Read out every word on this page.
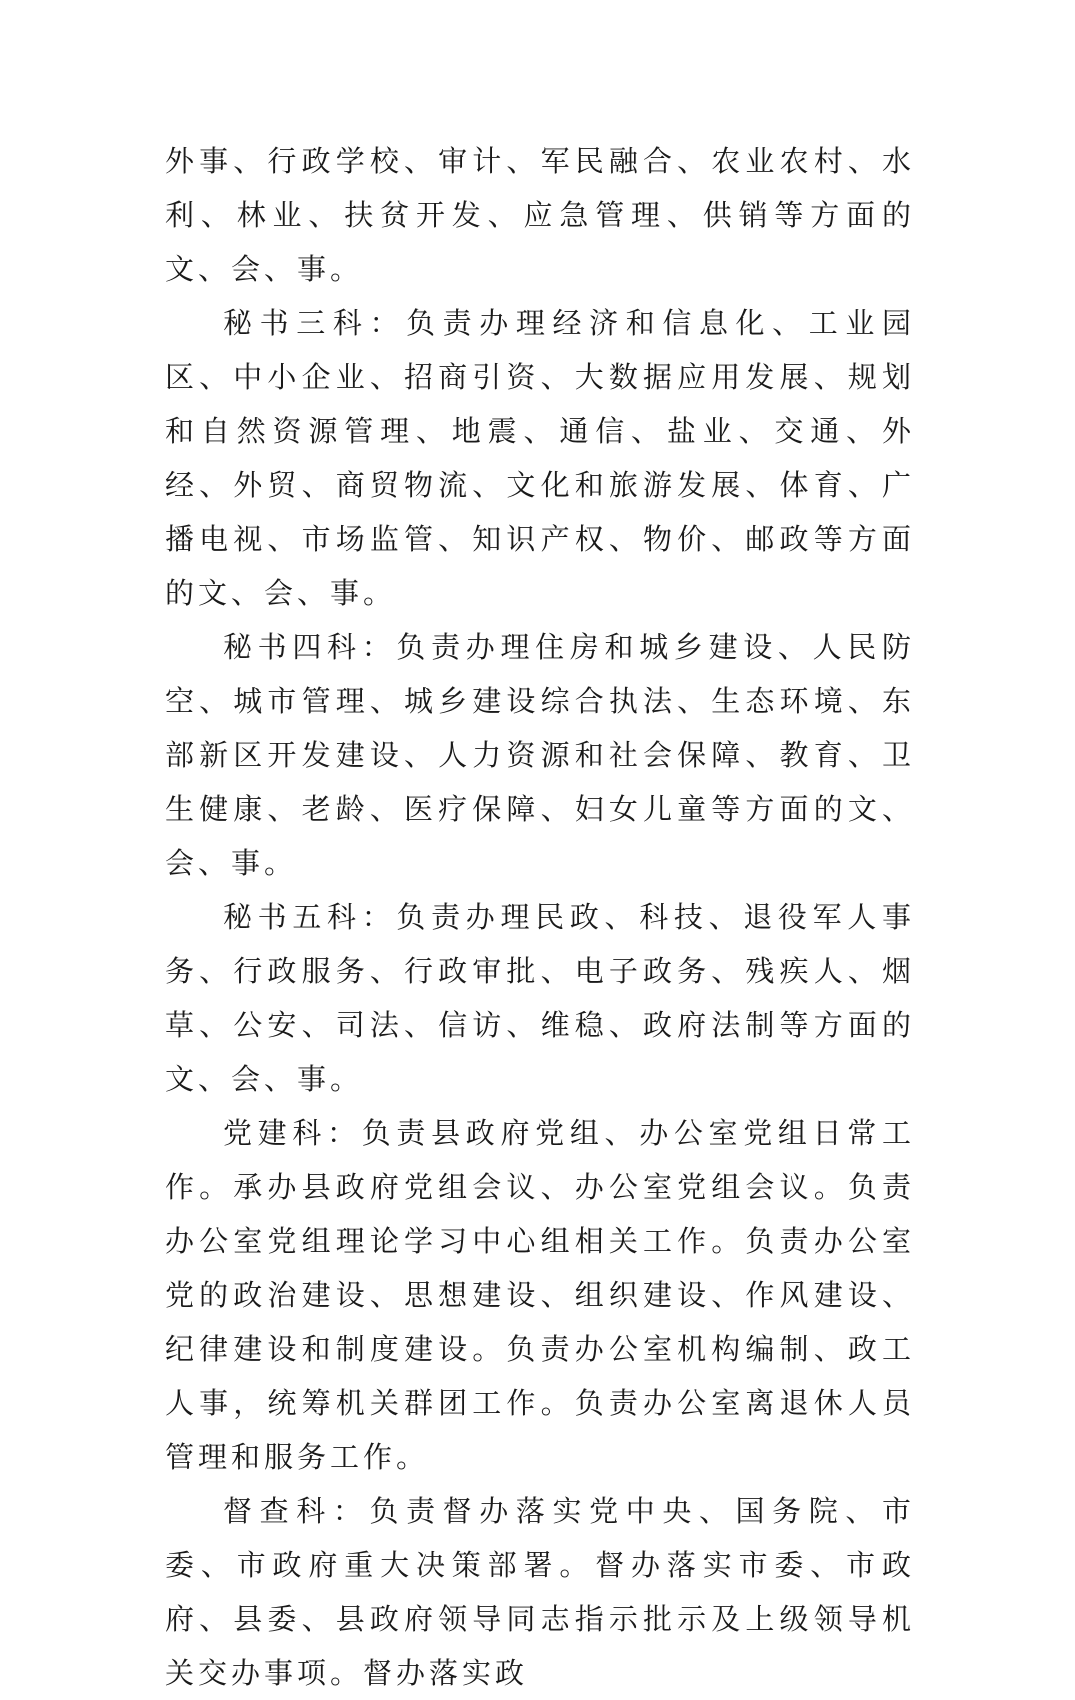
外事、行政学校、审计、军民融合、农业农村、水利、林业、扶贫开发、应急管理、供销等方面的文、会、事。

秘书三科：负责办理经济和信息化、工业园区、中小企业、招商引资、大数据应用发展、规划和自然资源管理、地震、通信、盐业、交通、外经、外贸、商贸物流、文化和旅游发展、体育、广播电视、市场监管、知识产权、物价、邮政等方面的文、会、事。

秘书四科：负责办理住房和城乡建设、人民防空、城市管理、城乡建设综合执法、生态环境、东部新区开发建设、人力资源和社会保障、教育、卫生健康、老龄、医疗保障、妇女儿童等方面的文、会、事。

秘书五科：负责办理民政、科技、退役军人事务、行政服务、行政审批、电子政务、残疾人、烟草、公安、司法、信访、维稳、政府法制等方面的文、会、事。

党建科：负责县政府党组、办公室党组日常工作。承办县政府党组会议、办公室党组会议。负责办公室党组理论学习中心组相关工作。负责办公室党的政治建设、思想建设、组织建设、作风建设、纪律建设和制度建设。负责办公室机构编制、政工人事，统筹机关群团工作。负责办公室离退休人员管理和服务工作。

督查科：负责督办落实党中央、国务院、市委、市政府重大决策部署。督办落实市委、市政府、县委、县政府领导同志指示批示及上级领导机关交办事项。督办落实政
